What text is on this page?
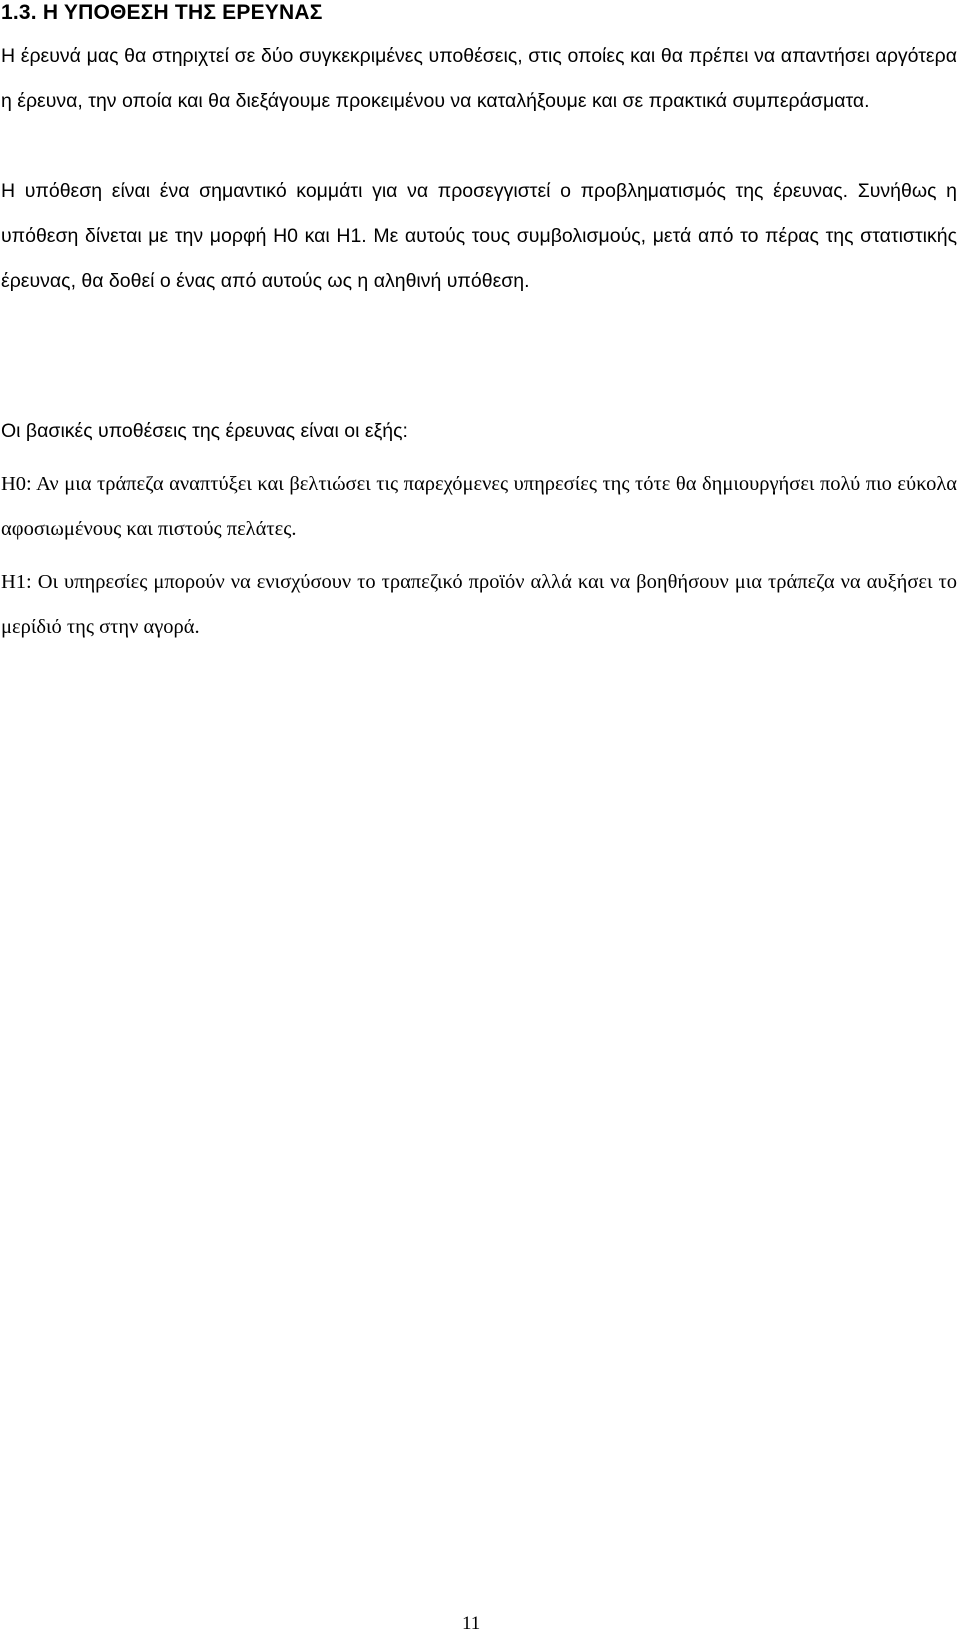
1.3. Η ΥΠΟΘΕΣΗ ΤΗΣ ΕΡΕΥΝΑΣ

Η έρευνά μας θα στηριχτεί σε δύο συγκεκριμένες υποθέσεις, στις οποίες και θα πρέπει να απαντήσει αργότερα η έρευνα, την οποία και θα διεξάγουμε προκειμένου να καταλήξουμε και σε πρακτικά συμπεράσματα.

Η υπόθεση είναι ένα σημαντικό κομμάτι για να προσεγγιστεί ο προβληματισμός της έρευνας. Συνήθως η υπόθεση δίνεται με την μορφή Η0 και Η1. Με αυτούς τους συμβολισμούς, μετά από το πέρας της στατιστικής έρευνας, θα δοθεί ο ένας από αυτούς ως η αληθινή υπόθεση.

Οι βασικές υποθέσεις της έρευνας είναι οι εξής:

Η0: Αν μια τράπεζα αναπτύξει και βελτιώσει τις παρεχόμενες υπηρεσίες της τότε θα δημιουργήσει πολύ πιο εύκολα αφοσιωμένους και πιστούς πελάτες.

Η1: Οι υπηρεσίες μπορούν να ενισχύσουν το τραπεζικό προϊόν αλλά και να βοηθήσουν μια τράπεζα να αυξήσει το μερίδιό της στην αγορά.

11
